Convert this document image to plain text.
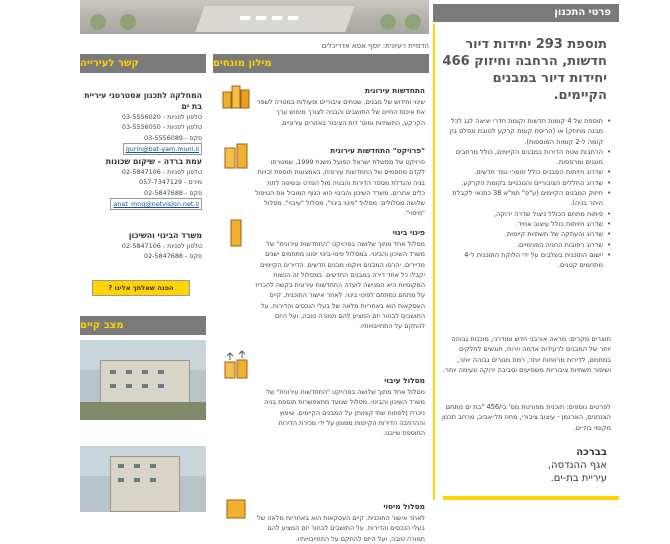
הדמיית רעיונית: יוסף אסא אדריכלים
פרטי התכנון
תוספת 293 יחידות דיור חדשות, הרחבה וחיזוק 466 יחידות דיור במבנים הקיימים.
• תוספת של 4 קומות חדשות וקומת חדרי יציאה לגג לכל מבנה מחוזק) או (הריסת קומת קרקע לטובת מפלס בין קומה ל-2 קומות המוספות).
• הרחבות שטח הדירות במבנים הקיימים, כולל מרחבים מוגנים ומרפסות.
• שדרוג חזיתות המבנים כולל חומרי גמר חדשים.
• שדרוג החללים הציבוריים והטכניים בקומת הקרקע.
• חיזוק המבנים הקיימים (ע"פ" תמ"א 38 כתנאי לקבלת היתר בניה).
• פיתוח מתחם הכולל ניצול שדרה ירוקה,
• שדרוג חזיתות כולל עיצוב אחיד.
• שדרוג והעתקה של תשתיות קיימות.
• שדרוג רחובות החניה הפנימיים.
• יישום התוכנית בשלבים על ידי הלוקת התוכנית ל-4 מתחמים קטנים.

תוצרים מקרים: מראה אורבני חדש ומודרני, מוכנות גבוהה יותר של המבנים לרעידות אדמה וירות, חוגשים לחלקים במתחם, לדירות מרווחות יותר, רמת מגורים גבוהה יותר, ושיפור תשתיות ציבוריות משפיעים וסביבה ירוקה ונעימה יותר.

לפרטים נוספים: תוכנית מפורטת מס' בי/456 "בת ים מתחם הצנחנים, הארגמן - עיצוב ציבורי, מחוז תל-אביב, מרחב תכנון מקומי בת-ים.

בברכה
אגף ההנדסה,
עיריית בת-ים.
מילון מונחים
התחדשות עירונית

שינוי וחידוש של מבנים, שטחים ציבוריים ופעולות במטרה לשפר את איכות החיים של התושבים והבניה לצורך מימוש ערך הקרקע, התשתיות ומוס' דות הציבור באזורים עירוניים.

"פרויקט" התחדשות עירונית

פרויקט של ממשלת ישראל הפועל משנת 1999, שמטרתו לקדם מתחמים של התחדשות עירונית, באמצעות תוספת זכויות בניה והגדלת מספר הדירות והבניה מול הפרט ובשיטה לתת כלים אחרים. משרד השיכון והבינוי הוא הגוף המוביל את הטיפול שלושה מסלולים: מסלול "פינוי בינוי", מסלול "עיבוי", מסלול "מיסוי".

פינוי בינוי

מסלול אחד מתוך שלושה בפרויקט "התחדשות עירונית" של משרד השיכון והבינוי. במסלול פינוי-בינוי יפונו מתחמים ישנים מדיירים, יהרסו המבנים ויוקמו מבנים חדשים. הדיירים הקיימים יקבלו כל אחד דירה במבנים החדשים. במסלול זה הנשות המקומיות היא המגישה לועדה התחדשות עירונית בקשה להכריז על מתחם כמתחם לפינוי בינוי. לאחר אישור התוכנית, קיים העסקאות הוא באחריות מלאה של בעלי הנכסים והדירות. על התושבים לבחור יזם המציע להם תמורה טובה, ועל היזם להתקם על התחייבויותיו.

מסלול עיבוי

מסלול אחד מתוך שלושה בפרויקט "התחדשות עירונית" של משרד השיכון והבינוי, מסלול שנועד מתאפשרות תוספת בניה ניכרת (לפחות שתי קומות) על המבנים הקיימים. שיפוץ וההרחבה הדירות הקיימות ממומן על ידי מכירת הדירות התוספת שייבנו.

מסלול מיסוי

לאחר אישור התוכנית, קיים העסקאות הוא באחריות מלאה של בעלי הנכסים והדירות. על התושבים לבחור יזם המציע להם תמורה טובה, ועל היזם להתקם על התחייבויותיו.

קשר לעירייה
המחלקה לתכנון אסטרטגי עיריית בת ים
טלפון לפניות - 03-5556020
טלפון לפניות - 03-5556050
פקס - 03-5556089
gurin@bat-yam.muni.il
עמת ברדה - שיקום שכונות
טלפון לפניות - 02-5847106
מירס - 057-7347129
פקס - 02-5847688
anat_mng@netvision.net.il
משרד הבינוי והשיכון
טלפון לפניות - 02-5847106
פקס - 02-5847688
הפנה שאלתך אלינו ?
מצב קיים
